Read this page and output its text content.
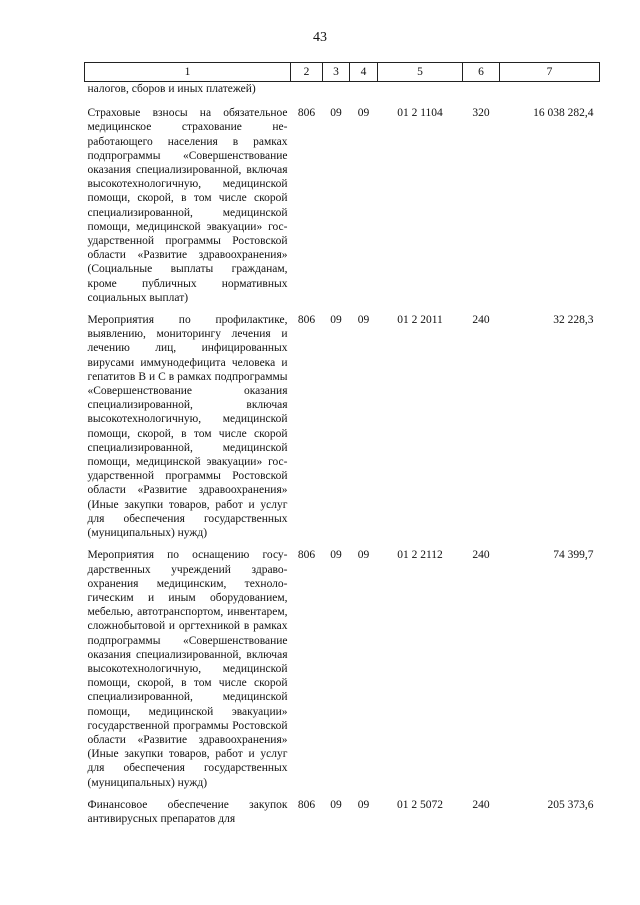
43
1	2	3	4	5	6	7
налогов, сборов и иных платежей)						
Страховые взносы на обязательное медицинское страхование неработающего населения в рамках подпрограммы «Совершенствование оказания специализированной, включая высокотехнологичную, медицинской помощи, скорой, в том числе скорой специализированной, медицинской помощи, медицинской эвакуации» государственной программы Ростовской области «Развитие здравоохранения» (Социальные выплаты гражданам, кроме публичных нормативных социальных выплат)	806	09	09	01 2 1104	320	16 038 282,4
Мероприятия по профилактике, выявлению, мониторингу лечения и лечению лиц, инфицированных вирусами иммунодефицита человека и гепатитов В и С в рамках подпрограммы «Совершенствование оказания специализированной, включая высокотехнологичную, медицинской помощи, скорой, в том числе скорой специализированной, медицинской помощи, медицинской эвакуации» государственной программы Ростовской области «Развитие здравоохранения» (Иные закупки товаров, работ и услуг для обеспечения государственных (муниципальных) нужд)	806	09	09	01 2 2011	240	32 228,3
Мероприятия по оснащению государственных учреждений здравоохранения медицинским, технологическим и иным оборудованием, мебелью, автотранспортом, инвентарем, сложнобытовой и оргтехникой в рамках подпрограммы «Совершенствование оказания специализированной, включая высокотехнологичную, медицинской помощи, скорой, в том числе скорой специализированной, медицинской помощи, медицинской эвакуации» государственной программы Ростовской области «Развитие здравоохранения» (Иные закупки товаров, работ и услуг для обеспечения государственных (муниципальных) нужд)	806	09	09	01 2 2112	240	74 399,7
Финансовое обеспечение закупок антивирусных препаратов для	806	09	09	01 2 5072	240	205 373,6
